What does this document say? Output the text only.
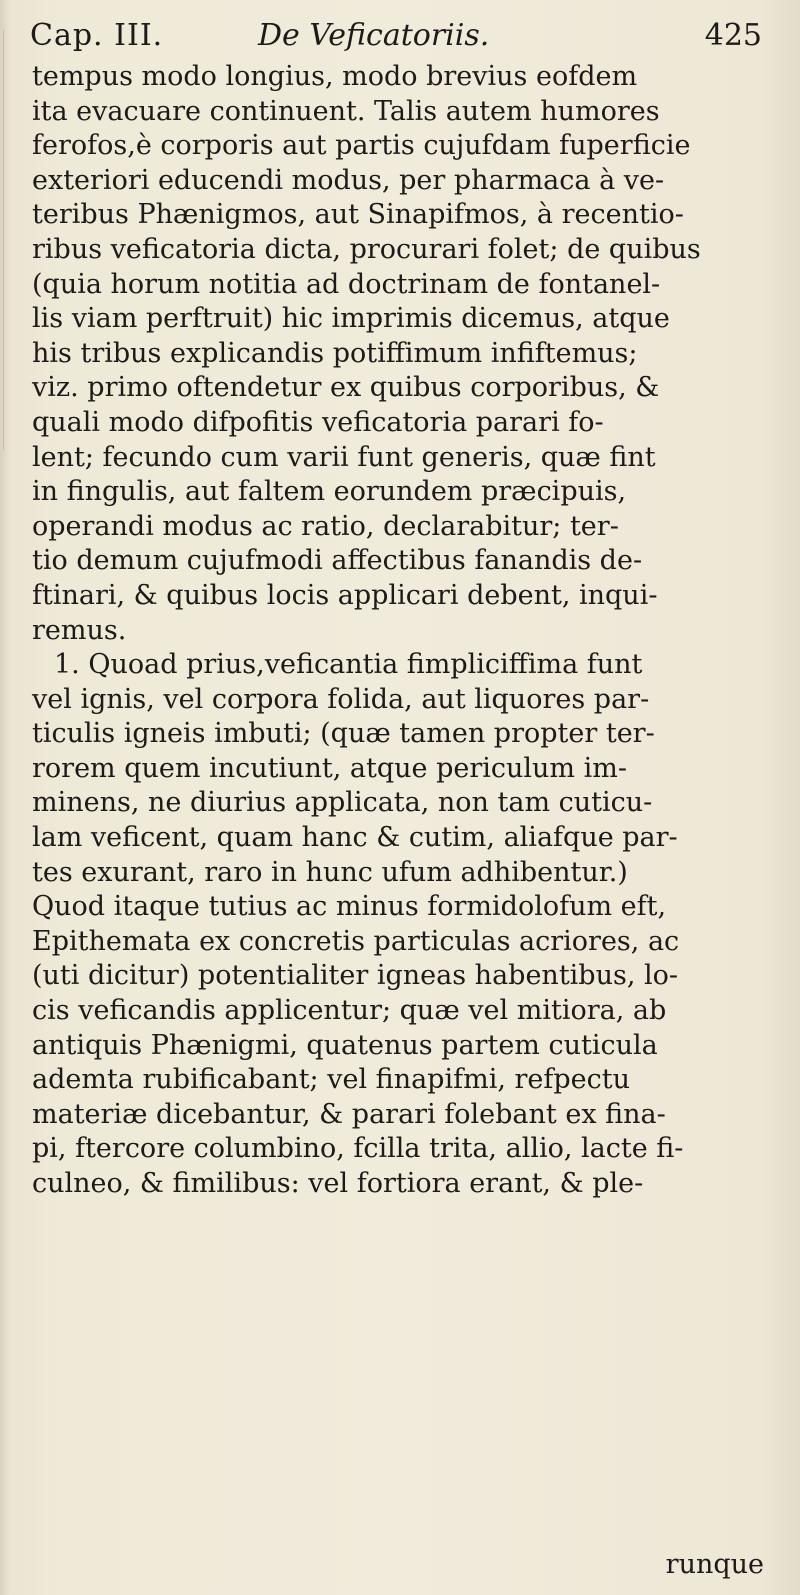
Cap. III.	De Veficatoriis.	425
tempus modo longius, modo brevius eofdem
ita evacuare continuent. Talis autem humores
ferofos,è corporis aut partis cujufdam fuperficie
exteriori educendi modus, per pharmaca à ve-
teribus Phænigmos, aut Sinapifmos, à recentio-
ribus veficatoria dicta, procurari folet; de quibus
(quia horum notitia ad doctrinam de fontanel-
lis viam perftruit) hic imprimis dicemus, atque
his tribus explicandis potiffimum infiftemus;
viz. primo oftendetur ex quibus corporibus, &
quali modo difpofitis veficatoria parari fo-
lent; fecundo cum varii funt generis, quæ fint
in fingulis, aut faltem eorundem præcipuis,
operandi modus ac ratio, declarabitur; ter-
tio demum cujufmodi affectibus fanandis de-
ftinari, & quibus locis applicari debent, inqui-
remus.
1. Quoad prius,veficantia fimpliciffima funt
vel ignis, vel corpora folida, aut liquores par-
ticulis igneis imbuti; (quæ tamen propter ter-
rorem quem incutiunt, atque periculum im-
minens, ne diurius applicata, non tam cuticu-
lam veficent, quam hanc & cutim, aliafque par-
tes exurant, raro in hunc ufum adhibentur.)
Quod itaque tutius ac minus formidolofum eft,
Epithemata ex concretis particulas acriores, ac
(uti dicitur) potentialiter igneas habentibus, lo-
cis veficandis applicentur; quæ vel mitiora, ab
antiquis Phænigmi, quatenus partem cuticula
ademta rubificabant; vel finapifmi, refpectu
materiæ dicebantur, & parari folebant ex fina-
pi, ftercore columbino, fcilla trita, allio, lacte fi-
culneo, & fimilibus: vel fortiora erant, & ple-
runque
